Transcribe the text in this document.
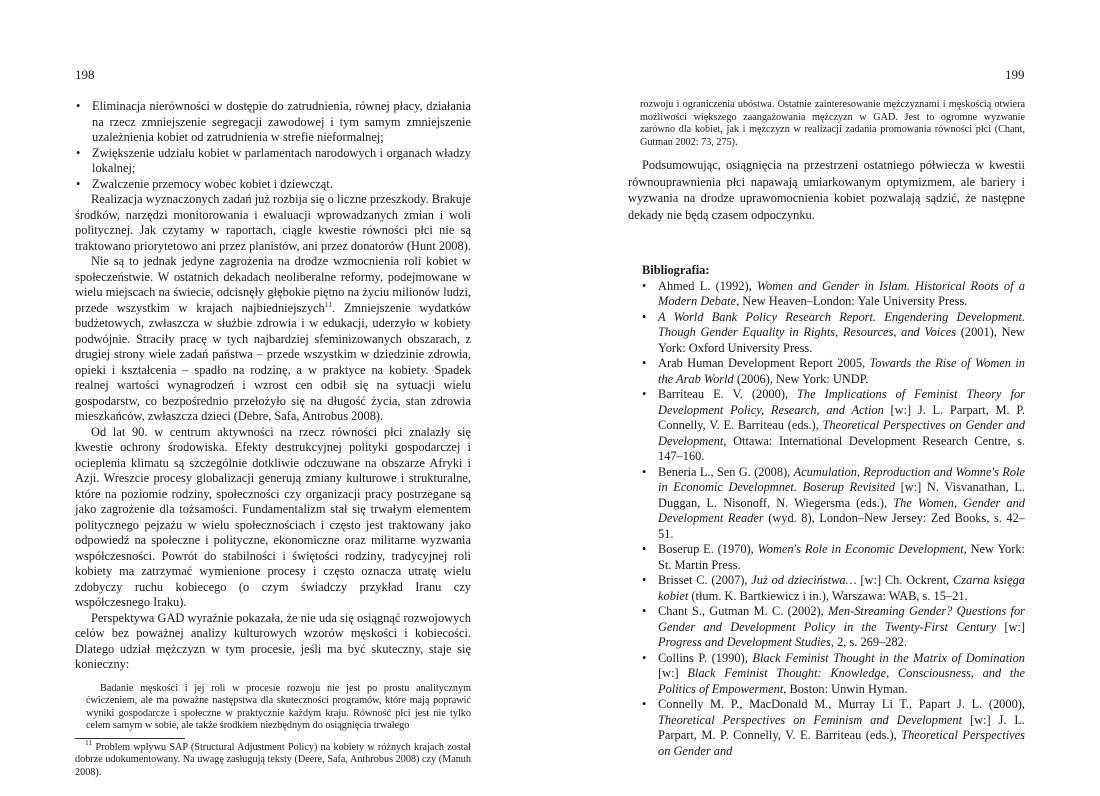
198	199

• Eliminacja nierówności w dostępie do zatrudnienia, równej płacy, działania na rzecz zmniejszenie segregacji zawodowej i tym samym zmniejszenie uzależnienia kobiet od zatrudnienia w strefie nieformalnej;

• Zwiększenie udziału kobiet w parlamentach narodowych i organach władzy lokalnej;

• Zwalczenie przemocy wobec kobiet i dziewcząt.

Realizacja wyznaczonych zadań już rozbija się o liczne przeszkody. Brakuje środków, narzędzi monitorowania i ewaluacji wprowadzanych zmian i woli politycznej. Jak czytamy w raportach, ciągle kwestie równości płci nie są traktowano priorytetowo ani przez planistów, ani przez donatorów (Hunt 2008).

Nie są to jednak jedyne zagrożenia na drodze wzmocnienia roli kobiet w społeczeństwie. W ostatnich dekadach neoliberalne reformy, podejmowane w wielu miejscach na świecie, odcisnęły głębokie piętno na życiu milionów ludzi, przede wszystkim w krajach najbiedniejszych$^{11}$. Zmniejszenie wydatków budżetowych, zwłaszcza w służbie zdrowia i w edukacji, uderzyło w kobiety podwójnie. Straciły pracę w tych najbardziej sfeminizowanych obszarach, z drugiej strony wiele zadań państwa – przede wszystkim w dziedzinie zdrowia, opieki i kształcenia – spadło na rodzinę, a w praktyce na kobiety. Spadek realnej wartości wynagrodzeń i wzrost cen odbił się na sytuacji wielu gospodarstw, co bezpośrednio przełożyło się na długość życia, stan zdrowia mieszkańców, zwłaszcza dzieci (Debre, Safa, Antrobus 2008).

Od lat 90. w centrum aktywności na rzecz równości płci znalazły się kwestie ochrony środowiska. Efekty destrukcyjnej polityki gospodarczej i ocieplenia klimatu są szczególnie dotkliwie odczuwane na obszarze Afryki i Azji. Wreszcie procesy globalizacji generują zmiany kulturowe i strukturalne, które na poziomie rodziny, społeczności czy organizacji pracy postrzegane są jako zagrożenie dla tożsamości. Fundamentalizm stał się trwałym elementem politycznego pejzażu w wielu społecznościach i często jest traktowany jako odpowiedź na społeczne i polityczne, ekonomiczne oraz militarne wyzwania współczesności. Powrót do stabilności i świętości rodziny, tradycyjnej roli kobiety ma zatrzymać wymienione procesy i często oznacza utratę wielu zdobyczy ruchu kobiecego (o czym świadczy przykład Iranu czy współczesnego Iraku).

Perspektywa GAD wyraźnie pokazała, że nie uda się osiągnąć rozwojowych celów bez poważnej analizy kulturowych wzorów męskości i kobiecości. Dlatego udział mężczyzn w tym procesie, jeśli ma być skuteczny, staje się konieczny:

Badanie męskości i jej roli w procesie rozwoju nie jest po prostu analitycznym ćwiczeniem, ale ma poważne następstwa dla skuteczności programów, które mają poprawić wyniki gospodarcze i społeczne w praktycznie każdym kraju. Równość płci jest nie tylko celem samym w sobie, ale także środkiem niezbędnym do osiągnięcia trwałego

$^{11}$ Problem wpływu SAP (Structural Adjustment Policy) na kobiety w różnych krajach został dobrze udokumentowany. Na uwagę zasługują teksty (Deere, Safa, Anthrobus 2008) czy (Manuh 2008).

rozwoju i ograniczenia ubóstwa. Ostatnie zainteresowanie mężczyznami i męskością otwiera możliwości większego zaangażowania mężczyzn w GAD. Jest to ogromne wyzwanie zarówno dla kobiet, jak i mężczyzn w realizacji zadania promowania równości płci (Chant, Gutman 2002: 73, 275).

Podsumowując, osiągnięcia na przestrzeni ostatniego półwiecza w kwestii równouprawnienia płci napawają umiarkowanym optymizmem, ale bariery i wyzwania na drodze uprawomocnienia kobiet pozwalają sądzić, że następne dekady nie będą czasem odpoczynku.

Bibliografia:

• Ahmed L. (1992), Women and Gender in Islam. Historical Roots of a Modern Debate, New Heaven–London: Yale University Press.

• A World Bank Policy Research Report. Engendering Development. Though Gender Equality in Rights, Resources, and Voices (2001), New York: Oxford University Press.

• Arab Human Development Report 2005, Towards the Rise of Women in the Arab World (2006), New York: UNDP.

• Barriteau E. V. (2000), The Implications of Feminist Theory for Development Policy, Research, and Action [w:] J. L. Parpart, M. P. Connelly, V. E. Barriteau (eds.), Theoretical Perspectives on Gender and Development, Ottawa: International Development Research Centre, s. 147–160.

• Beneria L., Sen G. (2008), Acumulation, Reproduction and Womne's Role in Economic Developmnet. Boserup Revisited [w:] N. Visvanathan, L. Duggan, L. Nisonoff, N. Wiegersma (eds.), The Women, Gender and Development Reader (wyd. 8), London–New Jersey: Zed Books, s. 42–51.

• Boserup E. (1970), Women's Role in Economic Development, New York: St. Martin Press.

• Brisset C. (2007), Już od dzieciństwa… [w:] Ch. Ockrent, Czarna księga kobiet (tłum. K. Bartkiewicz i in.), Warszawa: WAB, s. 15–21.

• Chant S., Gutman M. C. (2002), Men-Streaming Gender? Questions for Gender and Development Policy in the Twenty-First Century [w:] Progress and Development Studies, 2, s. 269–282.

• Collins P. (1990), Black Feminist Thought in the Matrix of Domination [w:] Black Feminist Thought: Knowledge, Consciousness, and the Politics of Empowerment, Boston: Unwin Hyman.

• Connelly M. P., MacDonald M., Murray Li T., Papart J. L. (2000), Theoretical Perspectives on Feminism and Development [w:] J. L. Parpart, M. P. Connelly, V. E. Barriteau (eds.), Theoretical Perspectives on Gender and
